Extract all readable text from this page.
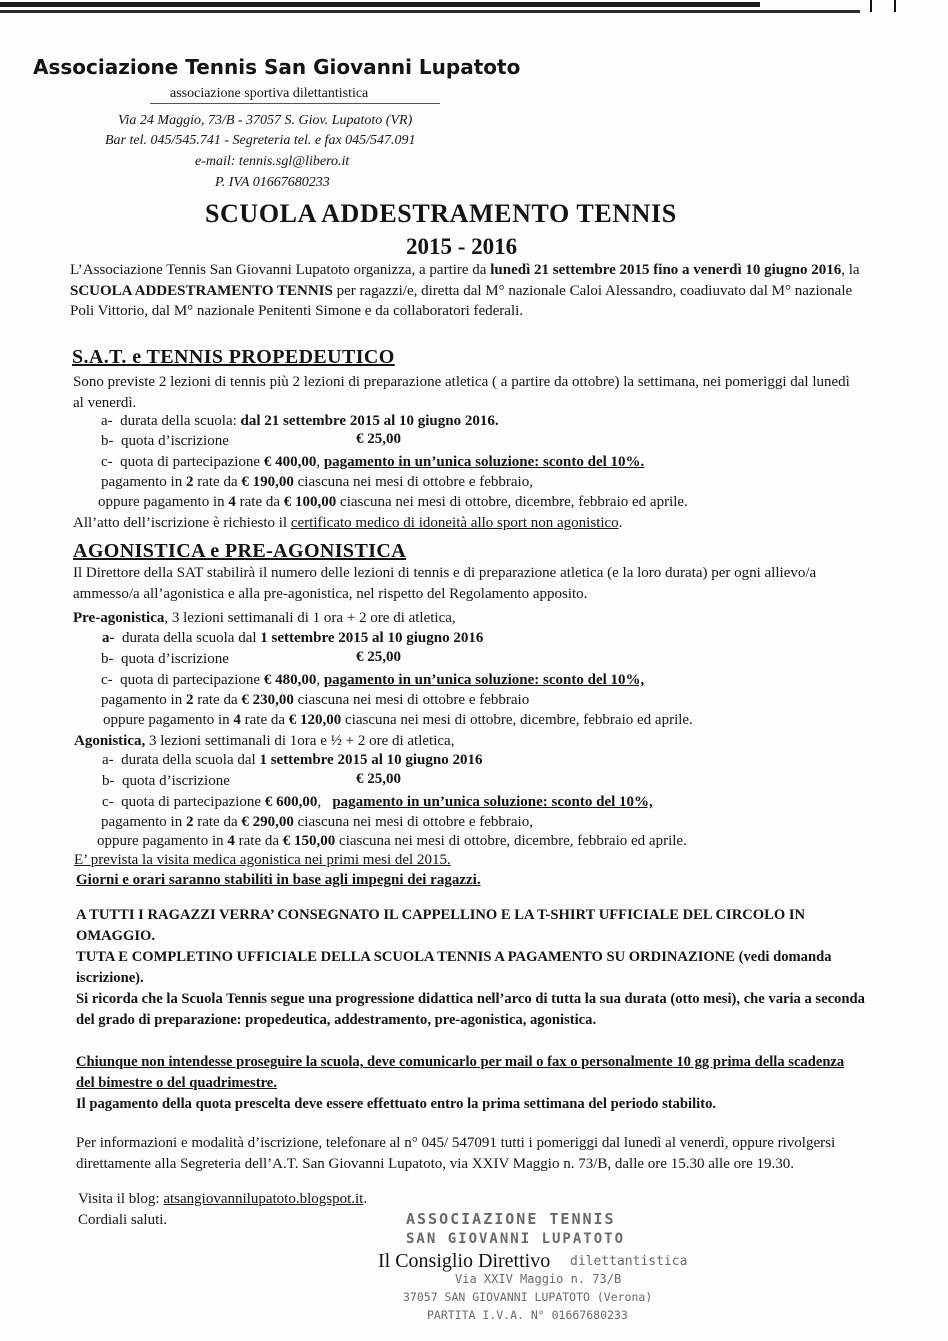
Associazione Tennis San Giovanni Lupatoto
associazione sportiva dilettantistica
Via 24 Maggio, 73/B - 37057 S. Giov. Lupatoto (VR)
Bar tel. 045/545.741 - Segreteria tel. e fax 045/547.091
e-mail: tennis.sgl@libero.it
P. IVA 01667680233
SCUOLA ADDESTRAMENTO TENNIS
2015 - 2016
L’Associazione Tennis San Giovanni Lupatoto organizza, a partire da lunedì 21 settembre 2015 fino a venerdì 10 giugno 2016, la SCUOLA ADDESTRAMENTO TENNIS per ragazzi/e, diretta dal M° nazionale Caloi Alessandro, coadiuvato dal M° nazionale Poli Vittorio, dal M° nazionale Penitenti Simone e da collaboratori federali.
S.A.T. e TENNIS PROPEDEUTICO
Sono previste 2 lezioni di tennis più 2 lezioni di preparazione atletica ( a partire da ottobre) la settimana, nei pomeriggi dal lunedì al venerdì.
a- durata della scuola: dal 21 settembre 2015 al 10 giugno 2016.
b- quota d’iscrizione	€ 25,00
c- quota di partecipazione € 400,00, pagamento in un’unica soluzione: sconto del 10%.
pagamento in 2 rate da € 190,00 ciascuna nei mesi di ottobre e febbraio,
oppure pagamento in 4 rate da € 100,00 ciascuna nei mesi di ottobre, dicembre, febbraio ed aprile.
All’atto dell’iscrizione è richiesto il certificato medico di idoneità allo sport non agonistico.
AGONISTICA e PRE-AGONISTICA
Il Direttore della SAT stabilirà il numero delle lezioni di tennis e di preparazione atletica (e la loro durata) per ogni allievo/a ammesso/a all’agonistica e alla pre-agonistica, nel rispetto del Regolamento apposito.
Pre-agonistica, 3 lezioni settimanali di 1 ora + 2 ore di atletica,
a- durata della scuola dal 1 settembre 2015 al 10 giugno 2016
b- quota d’iscrizione	€ 25,00
c- quota di partecipazione € 480,00, pagamento in un’unica soluzione: sconto del 10%,
pagamento in 2 rate da € 230,00 ciascuna nei mesi di ottobre e febbraio
oppure pagamento in 4 rate da € 120,00 ciascuna nei mesi di ottobre, dicembre, febbraio ed aprile.
Agonistica, 3 lezioni settimanali di 1ora e ½ + 2 ore di atletica,
a- durata della scuola dal 1 settembre 2015 al 10 giugno 2016
b- quota d’iscrizione	€ 25,00
c- quota di partecipazione € 600,00,   pagamento in un’unica soluzione: sconto del 10%,
pagamento in 2 rate da € 290,00 ciascuna nei mesi di ottobre e febbraio,
oppure pagamento in 4 rate da € 150,00 ciascuna nei mesi di ottobre, dicembre, febbraio ed aprile.
E’ prevista la visita medica agonistica nei primi mesi del 2015.
Giorni e orari saranno stabiliti in base agli impegni dei ragazzi.
A TUTTI I RAGAZZI VERRA’ CONSEGNATO IL CAPPELLINO E LA T-SHIRT UFFICIALE DEL CIRCOLO IN OMAGGIO.
TUTA E COMPLETINO UFFICIALE DELLA SCUOLA TENNIS A PAGAMENTO SU ORDINAZIONE (vedi domanda iscrizione).
Si ricorda che la Scuola Tennis segue una progressione didattica nell’arco di tutta la sua durata (otto mesi), che varia a seconda del grado di preparazione: propedeutica, addestramento, pre-agonistica, agonistica.
Chiunque non intendesse proseguire la scuola, deve comunicarlo per mail o fax o personalmente 10 gg prima della scadenza del bimestre o del quadrimestre.
Il pagamento della quota prescelta deve essere effettuato entro la prima settimana del periodo stabilito.
Per informazioni e modalità d’iscrizione, telefonare al n° 045/ 547091 tutti i pomeriggi dal lunedì al venerdì, oppure rivolgersi direttamente alla Segreteria dell’A.T. San Giovanni Lupatoto, via XXIV Maggio n. 73/B, dalle ore 15.30 alle ore 19.30.
Visita il blog: atsangiovannilupatoto.blogspot.it.
Cordiali saluti.	ASSOCIAZIONE TENNIS
SAN GIOVANNI LUPATOTO
Il Consiglio Direttivo dilettantistica
Via XXIV Maggio n. 73/B
37057 SAN GIOVANNI LUPATOTO (Verona)
PARTITA I.V.A. N° 01667680233
